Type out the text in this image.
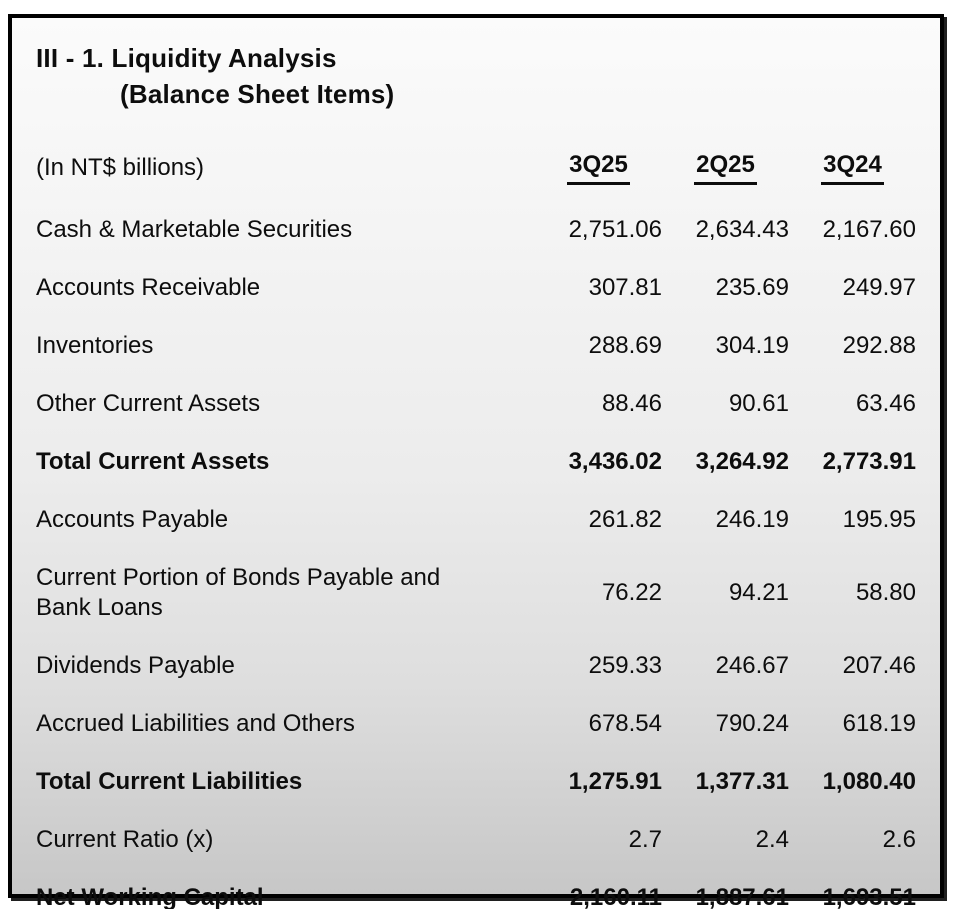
III - 1. Liquidity Analysis
(Balance Sheet Items)
(In NT$ billions)	3Q25	2Q25	3Q24
Cash & Marketable Securities	2,751.06	2,634.43	2,167.60
Accounts Receivable	307.81	235.69	249.97
Inventories	288.69	304.19	292.88
Other Current Assets	88.46	90.61	63.46
Total Current Assets	3,436.02	3,264.92	2,773.91
Accounts Payable	261.82	246.19	195.95
Current Portion of Bonds Payable and Bank Loans	76.22	94.21	58.80
Dividends Payable	259.33	246.67	207.46
Accrued Liabilities and Others	678.54	790.24	618.19
Total Current Liabilities	1,275.91	1,377.31	1,080.40
Current Ratio (x)	2.7	2.4	2.6
Net Working Capital	2,160.11	1,887.61	1,693.51
